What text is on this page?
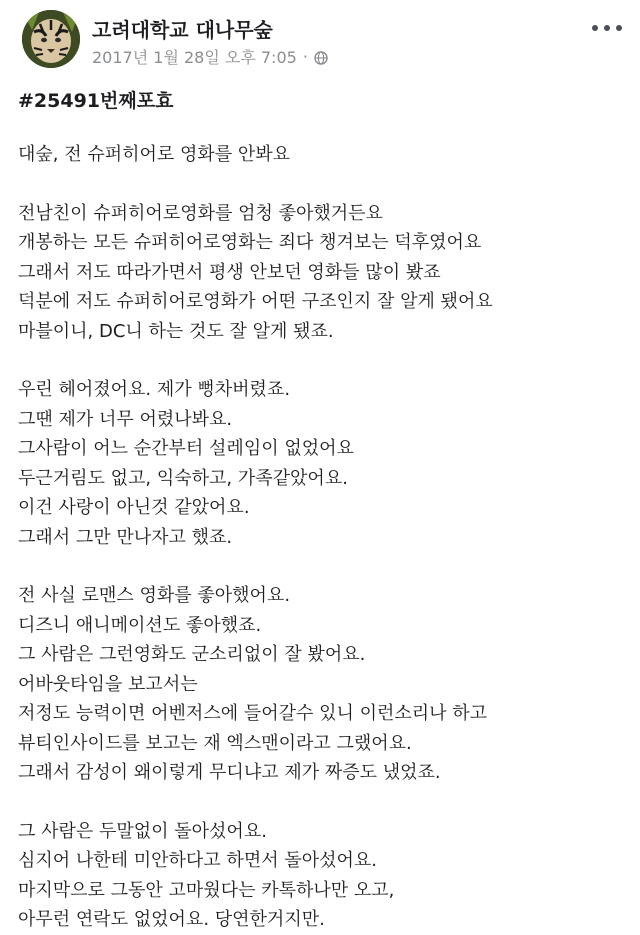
고려대학교 대나무숲
2017년 1월 28일 오후 7:05 ·
#25491번째포효

대숲, 전 슈퍼히어로 영화를 안봐요

전남친이 슈퍼히어로영화를 엄청 좋아했거든요
개봉하는 모든 슈퍼히어로영화는 죄다 챙겨보는 덕후였어요
그래서 저도 따라가면서 평생 안보던 영화들 많이 봤죠
덕분에 저도 슈퍼히어로영화가 어떤 구조인지 잘 알게 됐어요
마블이니, DC니 하는 것도 잘 알게 됐죠.

우린 헤어졌어요. 제가 뻥차버렸죠.
그땐 제가 너무 어렸나봐요.
그사람이 어느 순간부터 설레임이 없었어요
두근거림도 없고, 익숙하고, 가족같았어요.
이건 사랑이 아닌것 같았어요.
그래서 그만 만나자고 했죠.

전 사실 로맨스 영화를 좋아했어요.
디즈니 애니메이션도 좋아했죠.
그 사람은 그런영화도 군소리없이 잘 봤어요.
어바웃타임을 보고서는
저정도 능력이면 어벤저스에 들어갈수 있니 이런소리나 하고
뷰티인사이드를 보고는 재 엑스맨이라고 그랬어요.
그래서 감성이 왜이렇게 무디냐고 제가 짜증도 냈었죠.

그 사람은 두말없이 돌아섰어요.
심지어 나한테 미안하다고 하면서 돌아섰어요.
마지막으로 그동안 고마웠다는 카톡하나만 오고,
아무런 연락도 없었어요. 당연한거지만.
